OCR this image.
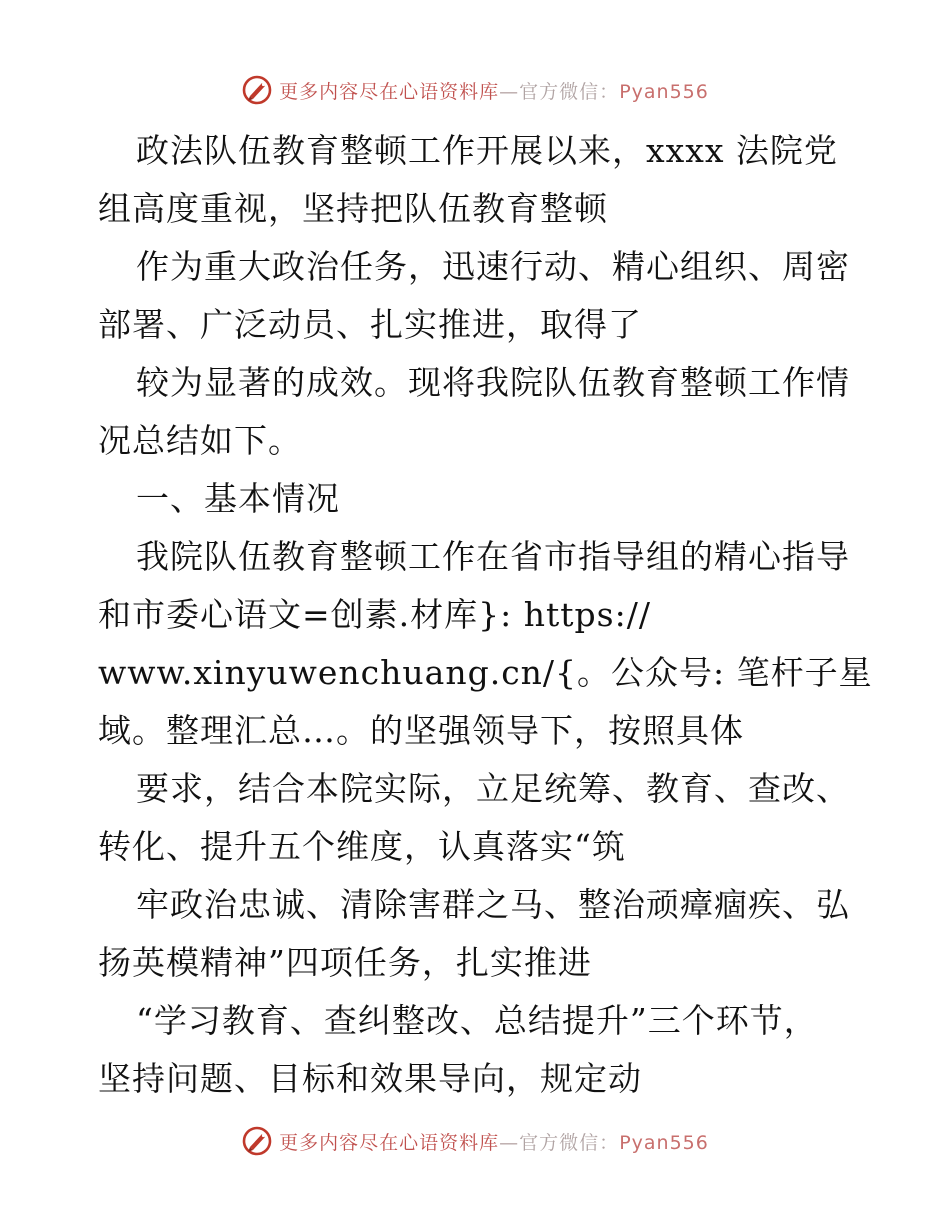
更多内容尽在心语资料库—官方微信：Pyan556
政法队伍教育整顿工作开展以来，xxxx 法院党
组高度重视，坚持把队伍教育整顿
作为重大政治任务，迅速行动、精心组织、周密
部署、广泛动员、扎实推进，取得了
较为显著的成效。现将我院队伍教育整顿工作情
况总结如下。
一、基本情况
我院队伍教育整顿工作在省市指导组的精心指导
和市委心语文=创素.材库}: https://
www.xinyuwenchuang.cn/{。公众号: 笔杆子星
域。整理汇总…。的坚强领导下，按照具体
要求，结合本院实际，立足统筹、教育、查改、
转化、提升五个维度，认真落实“筑
牢政治忠诚、清除害群之马、整治顽瘴痼疾、弘
扬英模精神”四项任务，扎实推进
“学习教育、查纠整改、总结提升”三个环节，
坚持问题、目标和效果导向，规定动
更多内容尽在心语资料库—官方微信：Pyan556
